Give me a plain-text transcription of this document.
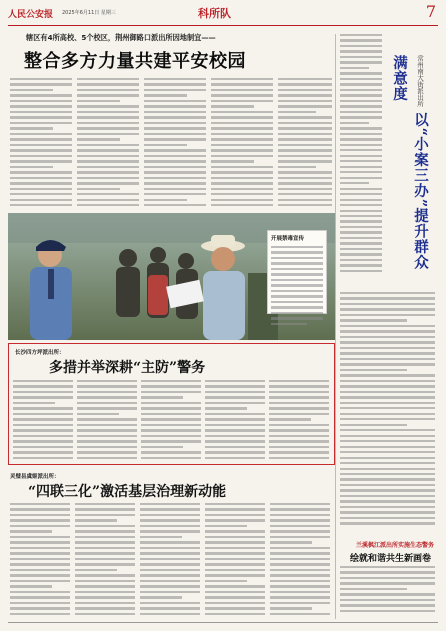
人民公安报 2025年6月11日 星期三	科所队	7
辖区有4所高校、5个校区，荆州御路口派出所因地制宜——
整合多方力量共建平安校园
开展禁毒宣传
长沙四方坪派出所：
多措并举深耕“主防”警务
灵璧县虞姬派出所：
“四联三化”激活基层治理新动能
常州南大街派出所 以“小案三办”提升群众满意度
兰溪枫江派出所实施生态警务
绘就和谐共生新画卷
